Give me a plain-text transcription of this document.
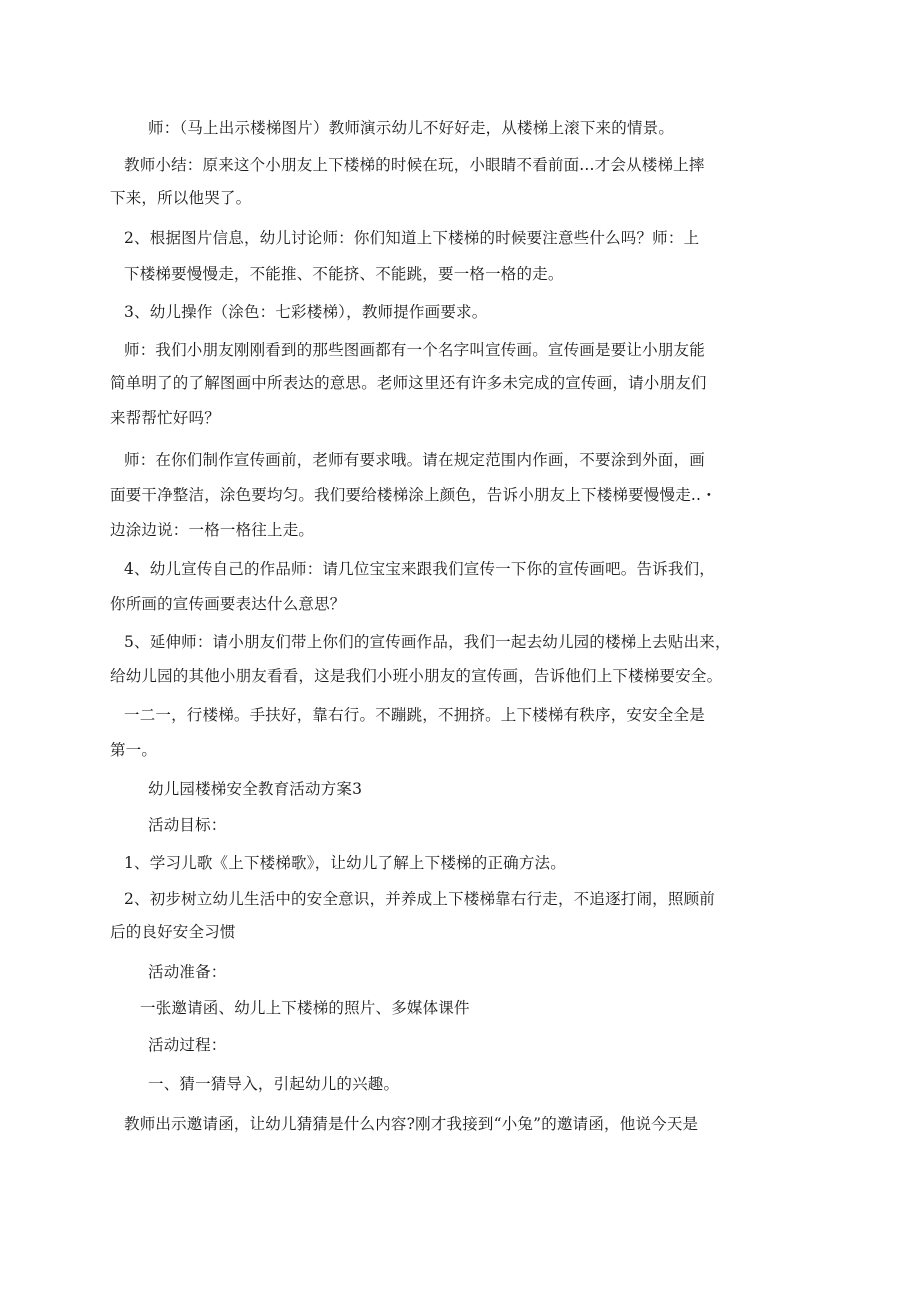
师：（马上出示楼梯图片）教师演示幼儿不好好走，从楼梯上滚下来的情景。

教师小结：原来这个小朋友上下楼梯的时候在玩，小眼睛不看前面...才会从楼梯上摔

下来，所以他哭了。

2、根据图片信息，幼儿讨论师：你们知道上下楼梯的时候要注意些什么吗？师：上

下楼梯要慢慢走，不能推、不能挤、不能跳，要一格一格的走。

3、幼儿操作（涂色：七彩楼梯），教师提作画要求。

师：我们小朋友刚刚看到的那些图画都有一个名字叫宣传画。宣传画是要让小朋友能

简单明了的了解图画中所表达的意思。老师这里还有许多未完成的宣传画，请小朋友们

来帮帮忙好吗？

师：在你们制作宣传画前，老师有要求哦。请在规定范围内作画，不要涂到外面，画

面要干净整洁，涂色要均匀。我们要给楼梯涂上颜色，告诉小朋友上下楼梯要慢慢走..・

边涂边说：一格一格往上走。

4、幼儿宣传自己的作品师：请几位宝宝来跟我们宣传一下你的宣传画吧。告诉我们，

你所画的宣传画要表达什么意思？

5、延伸师：请小朋友们带上你们的宣传画作品，我们一起去幼儿园的楼梯上去贴出来，

给幼儿园的其他小朋友看看，这是我们小班小朋友的宣传画，告诉他们上下楼梯要安全。

一二一，行楼梯。手扶好，靠右行。不蹦跳，不拥挤。上下楼梯有秩序，安安全全是

第一。

幼儿园楼梯安全教育活动方案3

活动目标：

1、学习儿歌《上下楼梯歌》，让幼儿了解上下楼梯的正确方法。

2、初步树立幼儿生活中的安全意识，并养成上下楼梯靠右行走，不追逐打闹，照顾前

后的良好安全习惯

活动准备：

一张邀请函、幼儿上下楼梯的照片、多媒体课件

活动过程：

一、猜一猜导入，引起幼儿的兴趣。

教师出示邀请函，让幼儿猜猜是什么内容?刚才我接到“小兔”的邀请函，他说今天是
